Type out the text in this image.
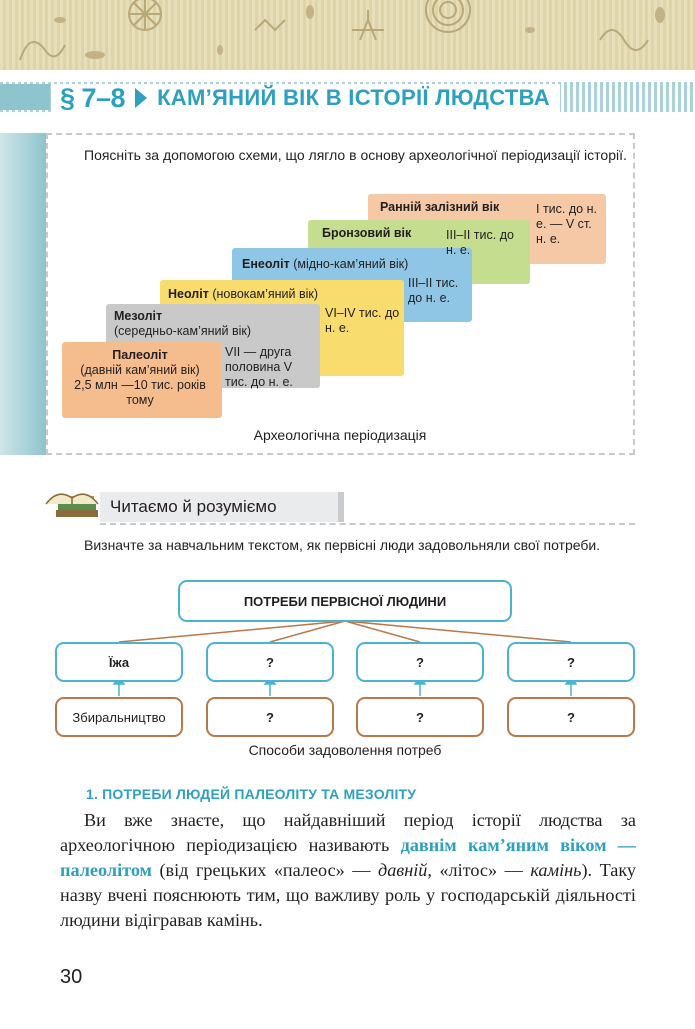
§ 7–8 КАМ’ЯНИЙ ВІК В ІСТОРІЇ ЛЮДСТВА

Поясніть за допомогою схеми, що лягло в основу археологічної періодизації історії.

Ранній залізний вік	I тис. до н. е. — V ст. н. е.
Бронзовий вік	III–II тис. до н. е.
Енеоліт (мідно-кам’яний вік)
III–II тис. до н. е.
Неоліт (новокам’яний вік)
VI–IV тис. до н. е.
Мезоліт
(середньо-кам’яний вік)
VII — друга половина V тис. до н. е.
Палеоліт
(давній кам’яний вік)
2,5 млн —10 тис. років тому
Археологічна періодизація
Читаємо й розуміємо

Визначте за навчальним текстом, як первісні люди задовольняли свої потреби.

ПОТРЕБИ ПЕРВІСНОЇ ЛЮДИНИ
Їжа	?	?	?
Збиральництво	?	?	?
Способи задоволення потреб
1. ПОТРЕБИ ЛЮДЕЙ ПАЛЕОЛІТУ ТА МЕЗОЛІТУ

Ви вже знаєте, що найдавніший період історії людства за археологічною періодизацією називають давнім кам’яним віком — палеолітом (від грецьких «палеос» — давній, «літос» — камінь). Таку назву вчені пояснюють тим, що важливу роль у господарській діяльності людини відігравав камінь.

30
